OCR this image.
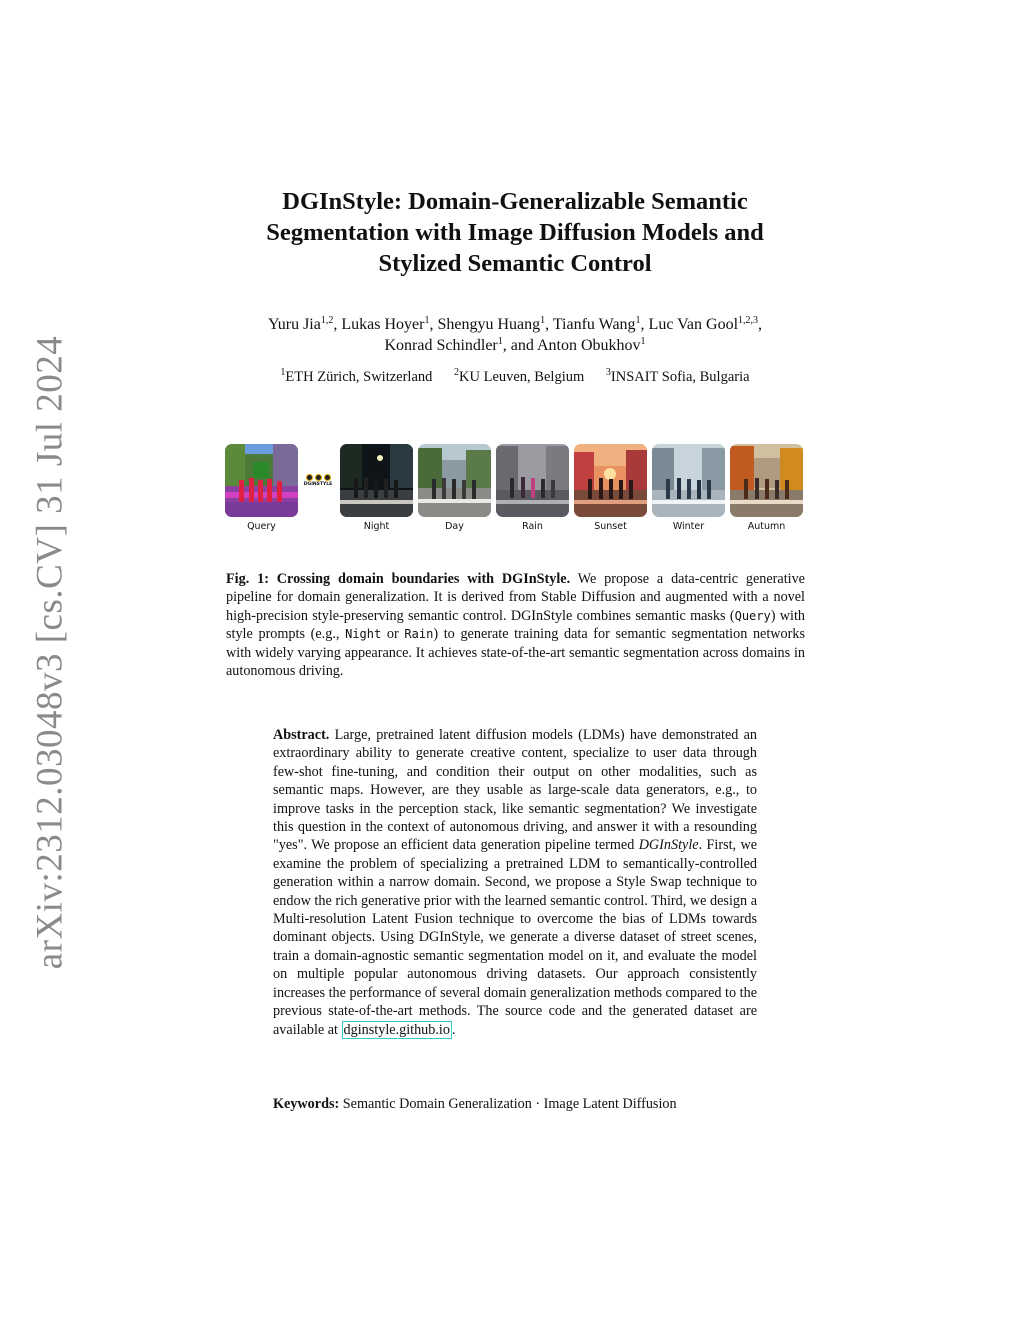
arXiv:2312.03048v3 [cs.CV] 31 Jul 2024
DGInStyle: Domain-Generalizable Semantic
Segmentation with Image Diffusion Models and
Stylized Semantic Control
Yuru Jia$^{1,2}$, Lukas Hoyer$^1$, Shengyu Huang$^1$, Tianfu Wang$^1$, Luc Van Gool$^{1,2,3}$,
Konrad Schindler$^1$, and Anton Obukhov$^1$
$^1$ETH Zürich, Switzerland $^2$KU Leuven, Belgium $^3$INSAIT Sofia, Bulgaria
Query
DGINSTYLE
Night	Day	Rain	Sunset	Winter	Autumn
Fig. 1: Crossing domain boundaries with DGInStyle. We propose a data-centric generative pipeline for domain generalization. It is derived from Stable Diffusion and augmented with a novel high-precision style-preserving semantic control. DGInStyle combines semantic masks (Query) with style prompts (e.g., Night or Rain) to generate training data for semantic segmentation networks with widely varying appearance. It achieves state-of-the-art semantic segmentation across domains in autonomous driving.
Abstract. Large, pretrained latent diffusion models (LDMs) have demonstrated an extraordinary ability to generate creative content, specialize to user data through few-shot fine-tuning, and condition their output on other modalities, such as semantic maps. However, are they usable as large-scale data generators, e.g., to improve tasks in the perception stack, like semantic segmentation? We investigate this question in the context of autonomous driving, and answer it with a resounding "yes". We propose an efficient data generation pipeline termed DGInStyle. First, we examine the problem of specializing a pretrained LDM to semantically-controlled generation within a narrow domain. Second, we propose a Style Swap technique to endow the rich generative prior with the learned semantic control. Third, we design a Multi-resolution Latent Fusion technique to overcome the bias of LDMs towards dominant objects. Using DGInStyle, we generate a diverse dataset of street scenes, train a domain-agnostic semantic segmentation model on it, and evaluate the model on multiple popular autonomous driving datasets. Our approach consistently increases the performance of several domain generalization methods compared to the previous state-of-the-art methods. The source code and the generated dataset are available at dginstyle.github.io .
Keywords: Semantic Domain Generalization · Image Latent Diffusion
